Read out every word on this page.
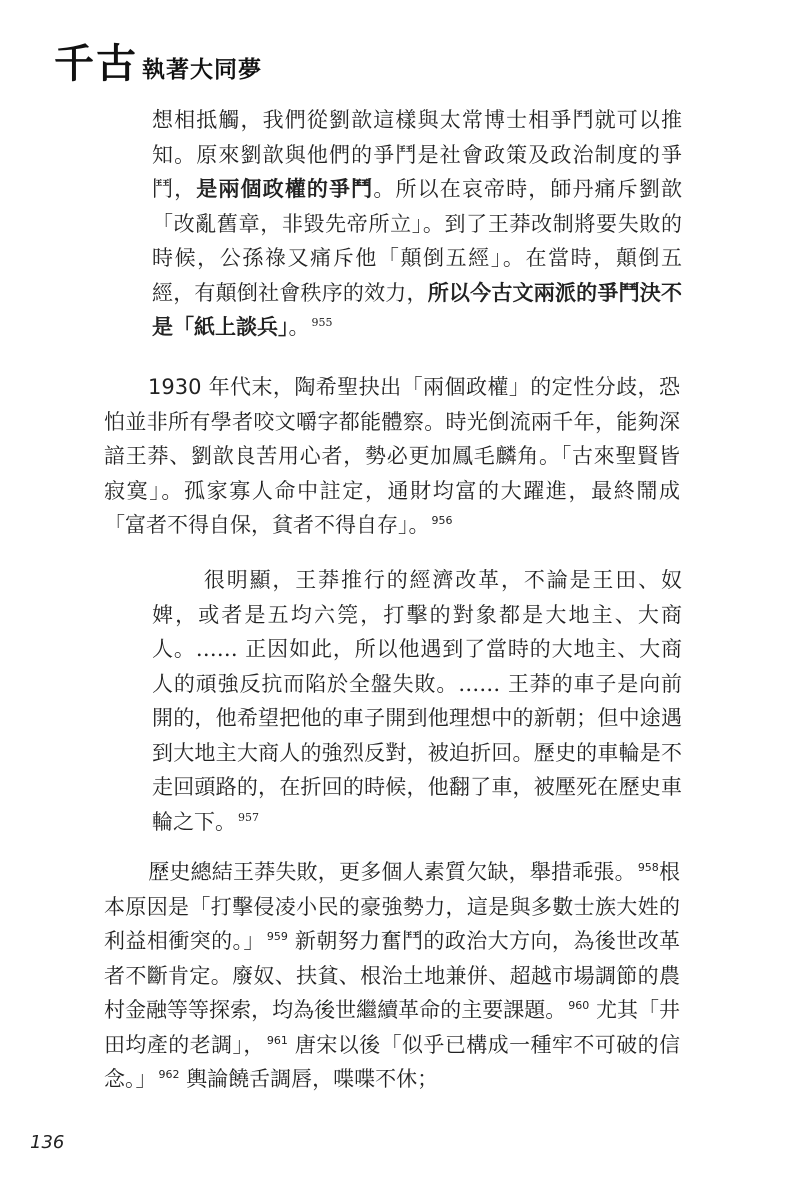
千古 執著大同夢
想相抵觸，我們從劉歆這樣與太常博士相爭鬥就可以推知。原來劉歆與他們的爭鬥是社會政策及政治制度的爭鬥，是兩個政權的爭鬥。所以在哀帝時，師丹痛斥劉歆「改亂舊章，非毀先帝所立」。到了王莽改制將要失敗的時候，公孫祿又痛斥他「顛倒五經」。在當時，顛倒五經，有顛倒社會秩序的效力，所以今古文兩派的爭鬥決不是「紙上談兵」。 $^{955}$
1930 年代末，陶希聖抉出「兩個政權」的定性分歧，恐怕並非所有學者咬文嚼字都能體察。時光倒流兩千年，能夠深諳王莽、劉歆良苦用心者，勢必更加鳳毛麟角。「古來聖賢皆寂寞」。孤家寡人命中註定，通財均富的大躍進，最終鬧成「富者不得自保，貧者不得自存」。 $^{956}$
很明顯，王莽推行的經濟改革，不論是王田、奴婢，或者是五均六筦，打擊的對象都是大地主、大商人。…… 正因如此，所以他遇到了當時的大地主、大商人的頑強反抗而陷於全盤失敗。…… 王莽的車子是向前開的，他希望把他的車子開到他理想中的新朝；但中途遇到大地主大商人的強烈反對，被迫折回。歷史的車輪是不走回頭路的，在折回的時候，他翻了車，被壓死在歷史車輪之下。 $^{957}$
歷史總結王莽失敗，更多個人素質欠缺，舉措乖張。 $^{958}$根本原因是「打擊侵凌小民的豪強勢力，這是與多數士族大姓的利益相衝突的。」 $^{959}$ 新朝努力奮鬥的政治大方向，為後世改革者不斷肯定。廢奴、扶貧、根治土地兼併、超越市場調節的農村金融等等探索，均為後世繼續革命的主要課題。 $^{960}$ 尤其「井田均產的老調」， $^{961}$ 唐宋以後「似乎已構成一種牢不可破的信念。」 $^{962}$ 輿論饒舌調唇，喋喋不休；
136
